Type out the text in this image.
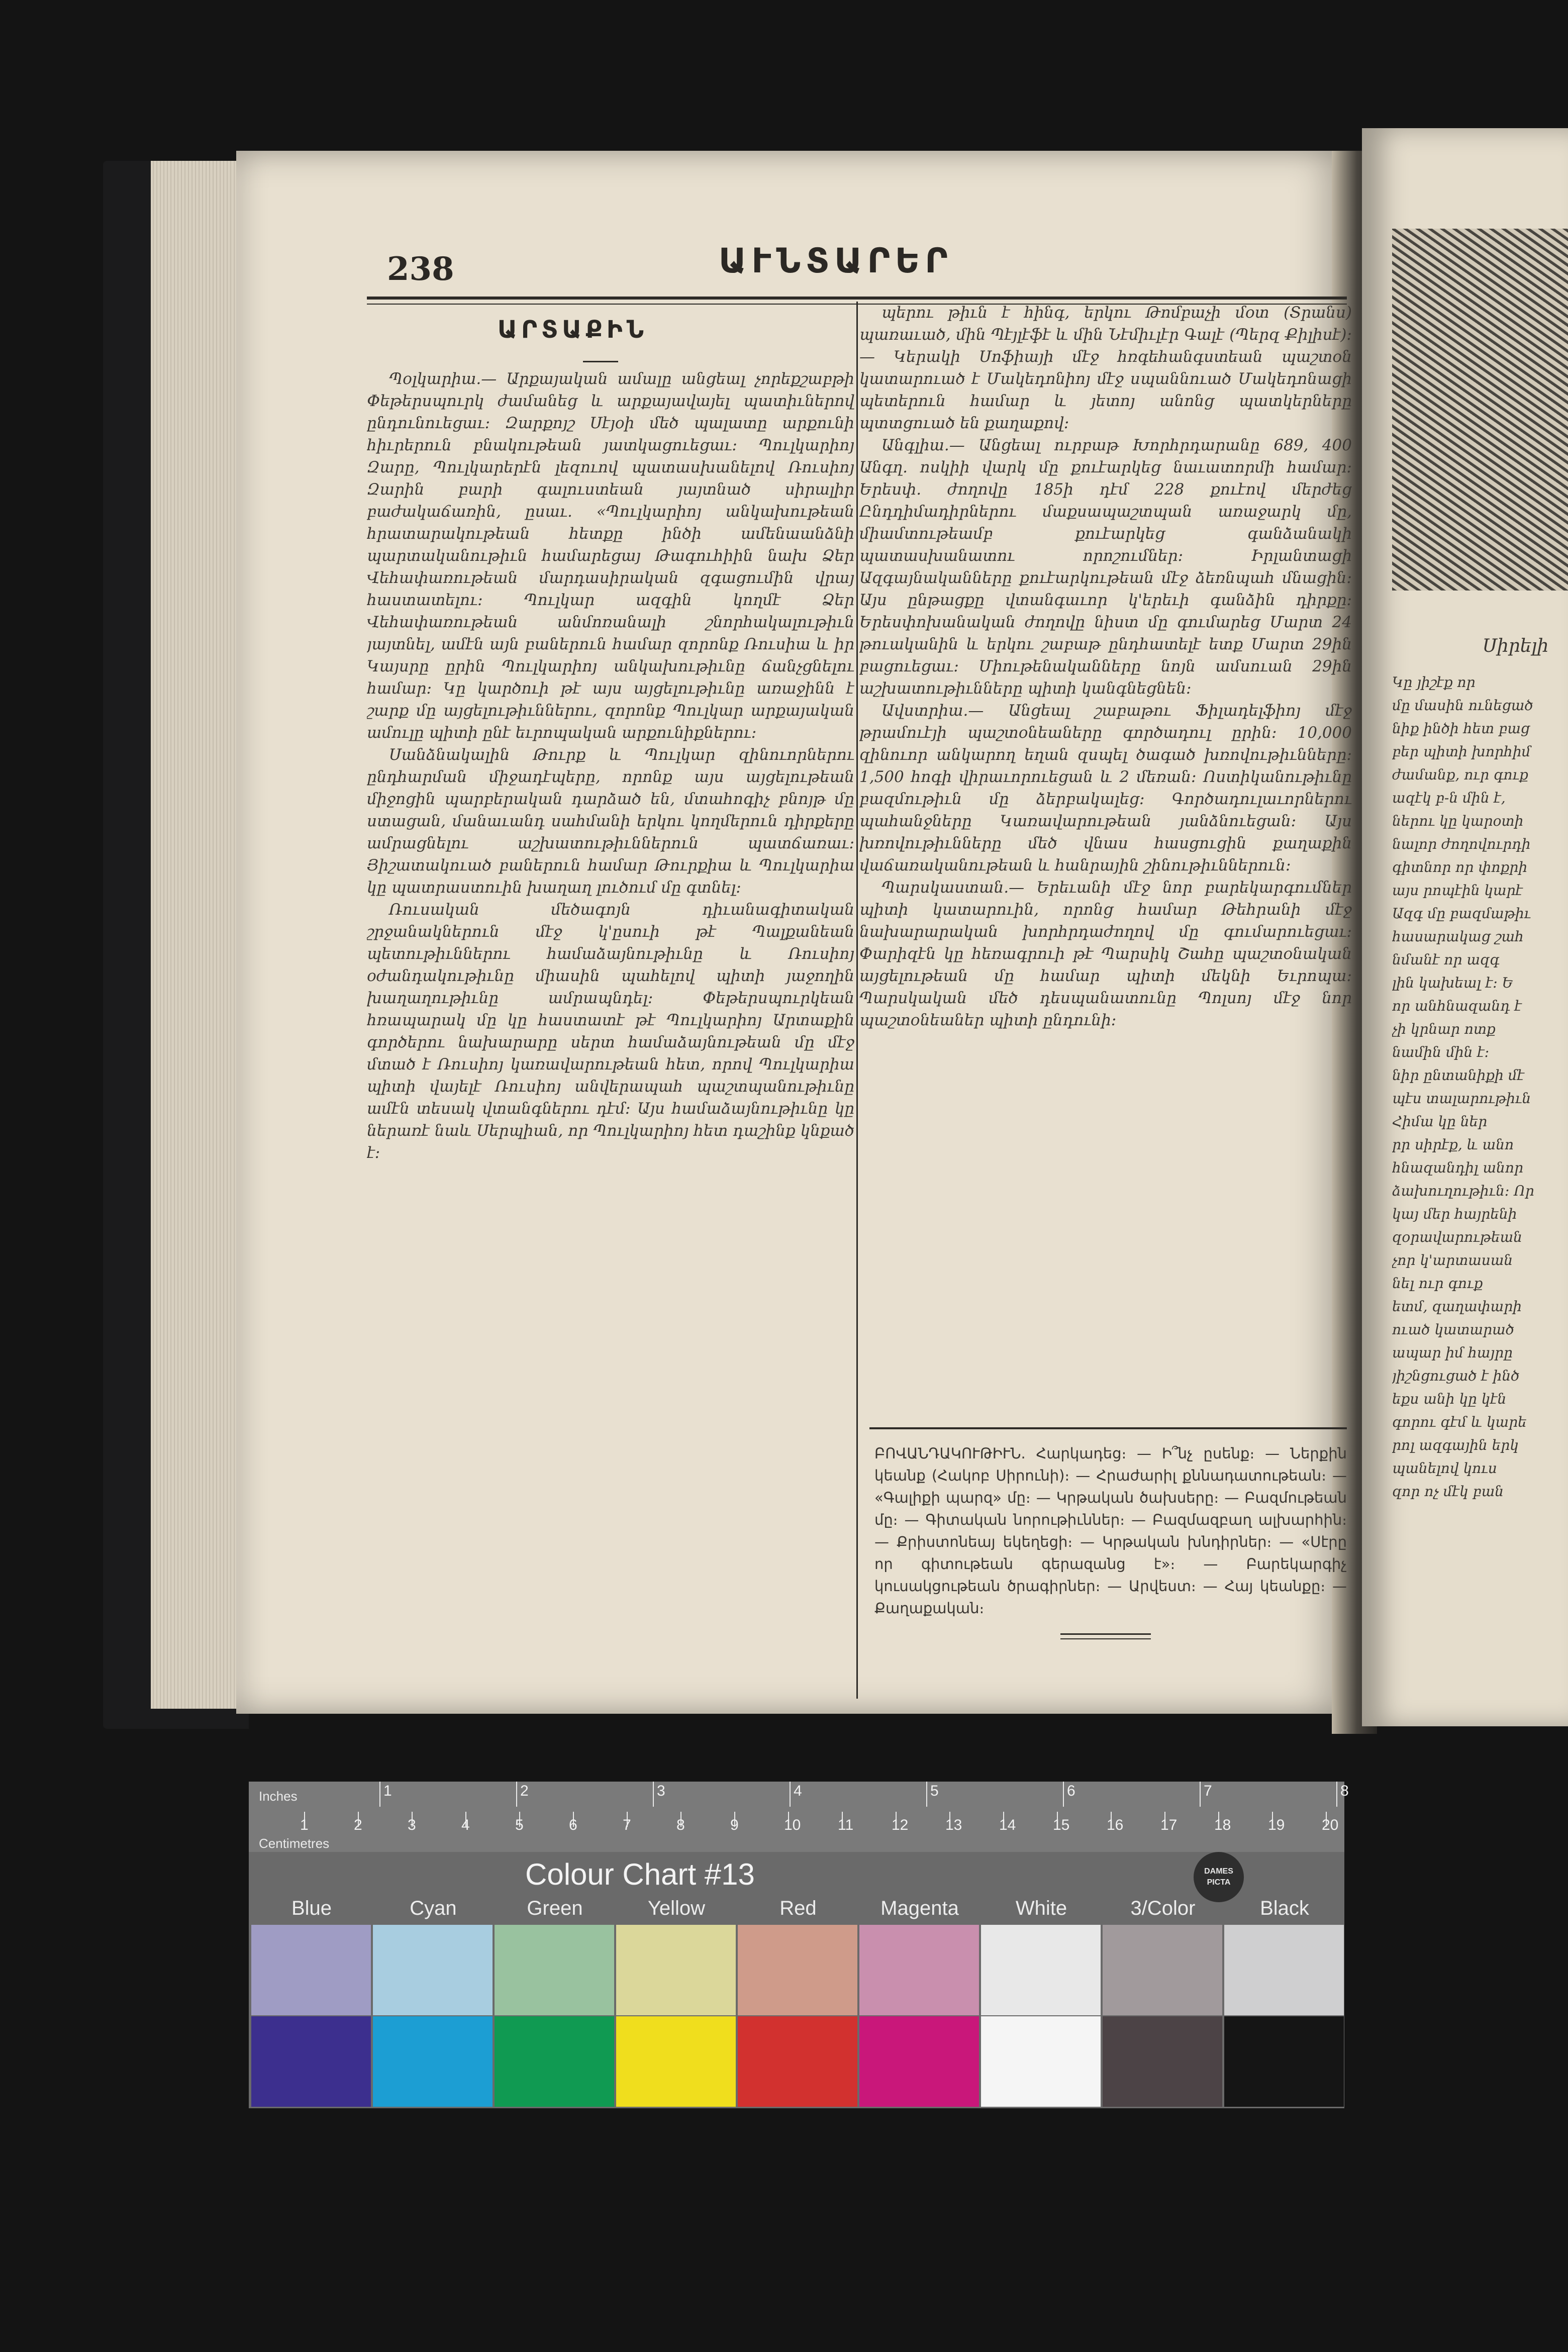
Սիրելի
Կը յիշէք որ
մը մասին ունեցած
նիք ինծի հետ բաց
բեր պիտի խորհիմ
ժամանք, ուր գուք
ազէկ բ-ն մին է,
ներու կը կարօտի
նալոր ժողովուրդի
գիտնոր որ փոքրի
այս րոպէին կարէ
Ազգ մը բազմաթիւ
հասարակաց շահ
նմանէ որ ազգ
լին կախեալ է։ Ե
որ անհնազանդ է
չի կրնար ոտք
նամին մին է։
նիր ընտանիքի մէ
պէս տալարութիւն
Հիմա կը ներ
րր սիրէք, և անո
հնազանդիլ անոր
ձախուղութիւն։ Որ
կայ մեր հայրենի
զօրավարութեան
չոր կ'արտասան
նել ուր գուք
ետմ, զաղափարի
ուած կատարած
ապար իմ հայրը
յիշնցուցած է ինծ
եքս անի կը կէն
գորու գէմ և կարե
րոլ ազգային երկ
պանելով կուս
զոր ոչ մէկ բան
238	ԱՒՆՏԱՐԵՐ
ԱՐՏԱՔԻՆ

Պօլկարիա.— Արքայական ամալը անցեալ չորեքշաբթի Փեթերսպուրկ ժամանեց և արքայավայել պատիւներով ընդունուեցաւ։ Զարքոյշ Սէյօի մեծ պալատը արքունի հիւրերուն բնակութեան յատկացուեցաւ։ Պուլկարիոյ Զարը, Պուլկարերէն լեզուով պատասխանելով Ռուսիոյ Զարին բարի գալուստեան յայտնած սիրալիր բաժակաճառին, ըսաւ. «Պուլկարիոյ անկախութեան հրատարակութեան հետքը ինծի ամենաանձնի պարտականութիւն համարեցայ Թագուհիին նախ Ձեր Վեհափառութեան մարդասիրական զգացումին վրայ հաստատելու։ Պուլկար ազգին կողմէ Ձեր Վեհափառութեան անմոռանալի շնորհակալութիւն յայտնել, ամէն այն բաներուն համար զորոնք Ռուսիա և իր Կայսրը ըրին Պուլկարիոյ անկախութիւնը ճանչցնելու համար։ Կը կարծուի թէ այս այցելութիւնը առաջինն է շարք մը այցելութիւններու, զորոնք Պուլկար արքայական ամուլը պիտի ընէ եւրոպական արքունիքներու։

Սանձնակալին Թուրք և Պուլկար զինուորներու ընդհարման միջադէպերը, որոնք այս այցելութեան միջոցին պարբերական դարձած են, մտահոգիչ բնոյթ մը ստացան, մանաւանդ սահմանի երկու կողմերուն դիրքերը ամրացնելու աշխատութիւններուն պատճառաւ։ Յիշատակուած բաներուն համար Թուրքիա և Պուլկարիա կը պատրաստուին խաղաղ լուծում մը գտնել։

Ռուսական մեծագոյն դիւանագիտական շրջանակներուն մէջ կ'ըսուի թէ Պալքանեան պետութիւններու համաձայնութիւնը և Ռուսիոյ օժանդակութիւնը միասին պահելով պիտի յաջողին խաղաղութիւնը ամրապնդել։ Փեթերսպուրկեան հռապարակ մը կը հաստատէ թէ Պուլկարիոյ Արտաքին գործերու նախարարը սերտ համաձայնութեան մը մէջ մտած է Ռուսիոյ կառավարութեան հետ, որով Պուլկարիա պիտի վայելէ Ռուսիոյ անվերապահ պաշտպանութիւնը ամէն տեսակ վտանգներու դէմ։ Այս համաձայնութիւնը կը ներառէ նաև Սերպիան, որ Պուլկարիոյ հետ դաշինք կնքած է։

պերու թիւն է հինգ, երկու Թոմբաչի մօտ (Տրանս) պառաւած, մին Պէյլէֆէ և մին Նէմիւլէր Գալէ (Պերզ Քիլիսէ)։ — Կերակի Սոֆիայի մէջ հռգեհանգստեան պաշտօն կատարուած է Մակեդոնիոյ մէջ սպաննուած Մակեդոնացի պետերուն համար և յետոյ անոնց պատկերները պտտցուած են քաղաքով։

Անգլիա.— Անցեալ ուրբաթ Խորհրդարանը 689, 400 Անգղ. ոսկիի վարկ մը քուէարկեց նաւատորմի համար։ Երեսփ. ժողովը 185ի դէմ 228 քուէով մերժեց Ընդդիմադիրներու մաքսապաշտպան առաջարկ մը, միամտութեամբ քուէարկեց գանձանակի պատասխանատու որոշումներ։ Իրլանտացի Ազգայնականները քուէարկութեան մէջ ձեռնպահ մնացին։ Այս ընթացքը վտանգաւոր կ'երեւի գանձին դիրքը։ Երեսփոխանական ժողովը նիստ մը գումարեց Մարտ 24 թուականին և երկու շաբաթ ընդհատելէ ետք Մարտ 29ին բացուեցաւ։ Միութենականները նոյն ամսուան 29ին աշխատութիւնները պիտի կանգնեցնեն։

Ավստրիա.— Անցեալ շաբաթու Ֆիլադելֆիոյ մէջ թրամուէյի պաշտօնեաները գործադուլ ըրին։ 10,000 զինուոր անկարող եղան զսպել ծագած խռովութիւնները։ 1,500 հոգի վիրաւորուեցան և 2 մեռան։ Ոստիկանութիւնը բազմութիւն մը ձերբակալեց։ Գործադուլաւորներու պահանջները Կառավարութեան յանձնուեցան։ Այս խռովութիւնները մեծ վնաս հասցուցին քաղաքին վաճառականութեան և հանրային շինութիւններուն։

Պարսկաստան.— Երեւանի մէջ նոր բարեկարգումներ պիտի կատարուին, որոնց համար Թեհրանի մէջ նախարարական խորհրդաժողով մը գումարուեցաւ։ Փարիզէն կը հեռագրուի թէ Պարսիկ Շահը պաշտօնական այցելութեան մը համար պիտի մեկնի Եւրոպա։ Պարսկական մեծ դեսպանատունը Պոլսոյ մէջ նոր պաշտօնեաներ պիտի ընդունի։

ԲՈՎԱՆԴԱԿՈՒԹԻՒՆ. Հարկադեց։ — Ի՞նչ ըսենք։ — Ներքին կեանք (Հակոբ Սիրունի)։ — Հրաժարիլ քննադատութեան։ — «Գալիքի պարզ» մը։ — Կրթական ծախսերը։ — Բազմութեան մը։ — Գիտական նորութիւններ։ — Բազմազբաղ ալխարհին։ — Քրիստոնեայ եկեղեցի։ — Կրթական խնդիրներ։ — «Սէրը որ գիտութեան գերազանց է»։ — Բարեկարգիչ կուսակցութեան ծրագիրներ։ — Արվեստ։ — Հայ կեանքը։ — Քաղաքական։
Inches
Centimetres
1	2	3	4	5	6	7	8
1	2	3	4	5	6	7	8	9	10 11	12 13 14 15 16 17 18 19 20
Colour Chart #13	DAMES
PICTA
Blue	Cyan	Green	Yellow	Red	Magenta	White	3/Color	Black
